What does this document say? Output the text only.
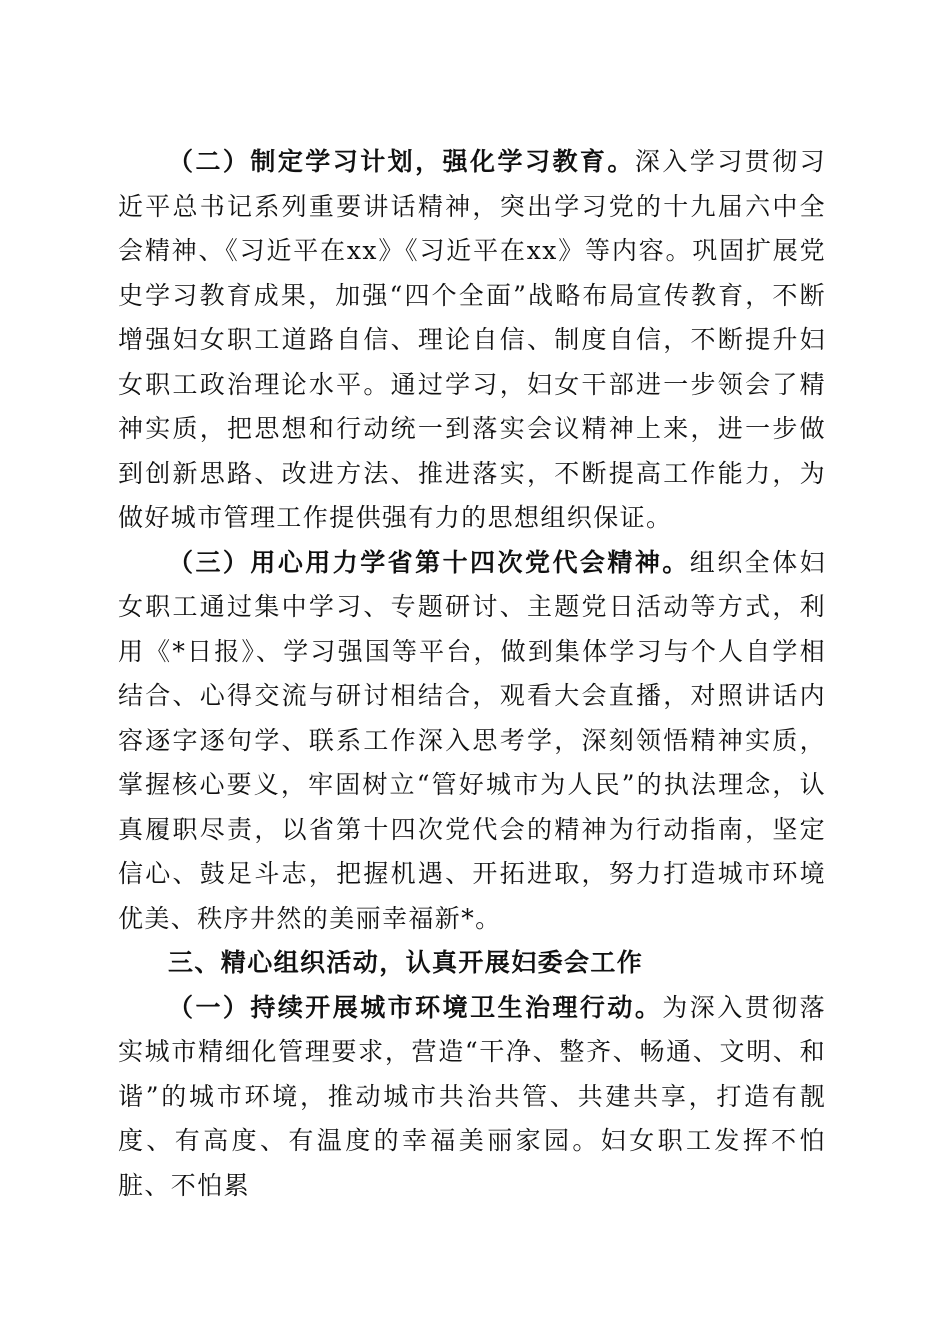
（二）制定学习计划，强化学习教育。深入学习贯彻习近平总书记系列重要讲话精神，突出学习党的十九届六中全会精神、《习近平在xx》《习近平在xx》等内容。巩固扩展党史学习教育成果，加强“四个全面”战略布局宣传教育，不断增强妇女职工道路自信、理论自信、制度自信，不断提升妇女职工政治理论水平。通过学习，妇女干部进一步领会了精神实质，把思想和行动统一到落实会议精神上来，进一步做到创新思路、改进方法、推进落实，不断提高工作能力，为做好城市管理工作提供强有力的思想组织保证。

（三）用心用力学省第十四次党代会精神。组织全体妇女职工通过集中学习、专题研讨、主题党日活动等方式，利用《*日报》、学习强国等平台，做到集体学习与个人自学相结合、心得交流与研讨相结合，观看大会直播，对照讲话内容逐字逐句学、联系工作深入思考学，深刻领悟精神实质，掌握核心要义，牢固树立“管好城市为人民”的执法理念，认真履职尽责，以省第十四次党代会的精神为行动指南，坚定信心、鼓足斗志，把握机遇、开拓进取，努力打造城市环境优美、秩序井然的美丽幸福新*。

三、精心组织活动，认真开展妇委会工作

（一）持续开展城市环境卫生治理行动。为深入贯彻落实城市精细化管理要求，营造“干净、整齐、畅通、文明、和谐”的城市环境，推动城市共治共管、共建共享，打造有靓度、有高度、有温度的幸福美丽家园。妇女职工发挥不怕脏、不怕累
